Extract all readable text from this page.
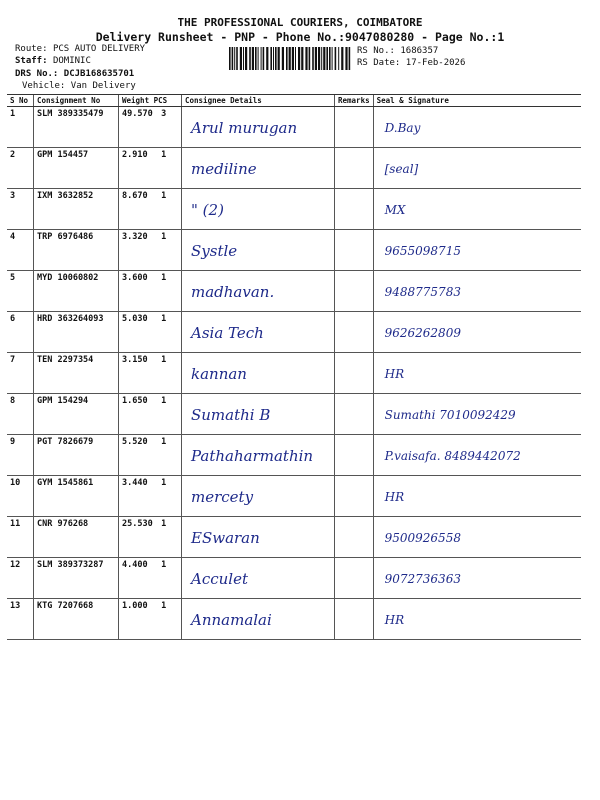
THE PROFESSIONAL COURIERS, COIMBATORE
Delivery Runsheet - PNP - Phone No.:9047080280 - Page No.:1
Route: PCS AUTO DELIVERY
Staff: DOMINIC
DRS No.: DCJB168635701
Vehicle: Van Delivery
RS No.: 1686357
RS Date: 17-Feb-2026
S No	Consignment No	Weight PCS	Consignee Details	Remarks	Seal & Signature
1	SLM 389335479	49.570 3	Arul murugan		D.Bay

2	GPM 154457	2.910 1	mediline		[seal]

3	IXM 3632852	8.670 1	" (2)		MX

4	TRP 6976486	3.320 1	Systle		9655098715

5	MYD 10060802	3.600 1	madhavan.		9488775783

6	HRD 363264093	5.030 1	Asia Tech		9626262809

7	TEN 2297354	3.150 1	kannan		HR

8	GPM 154294	1.650 1	Sumathi B		Sumathi 7010092429

9	PGT 7826679	5.520 1	Pathaharmathin		P.vaisafa. 8489442072

10	GYM 1545861	3.440 1	mercety		HR

11	CNR 976268	25.530 1	ESwaran		9500926558

12	SLM 389373287	4.400 1	Acculet		9072736363

13	KTG 7207668	1.000 1	Annamalai		HR
